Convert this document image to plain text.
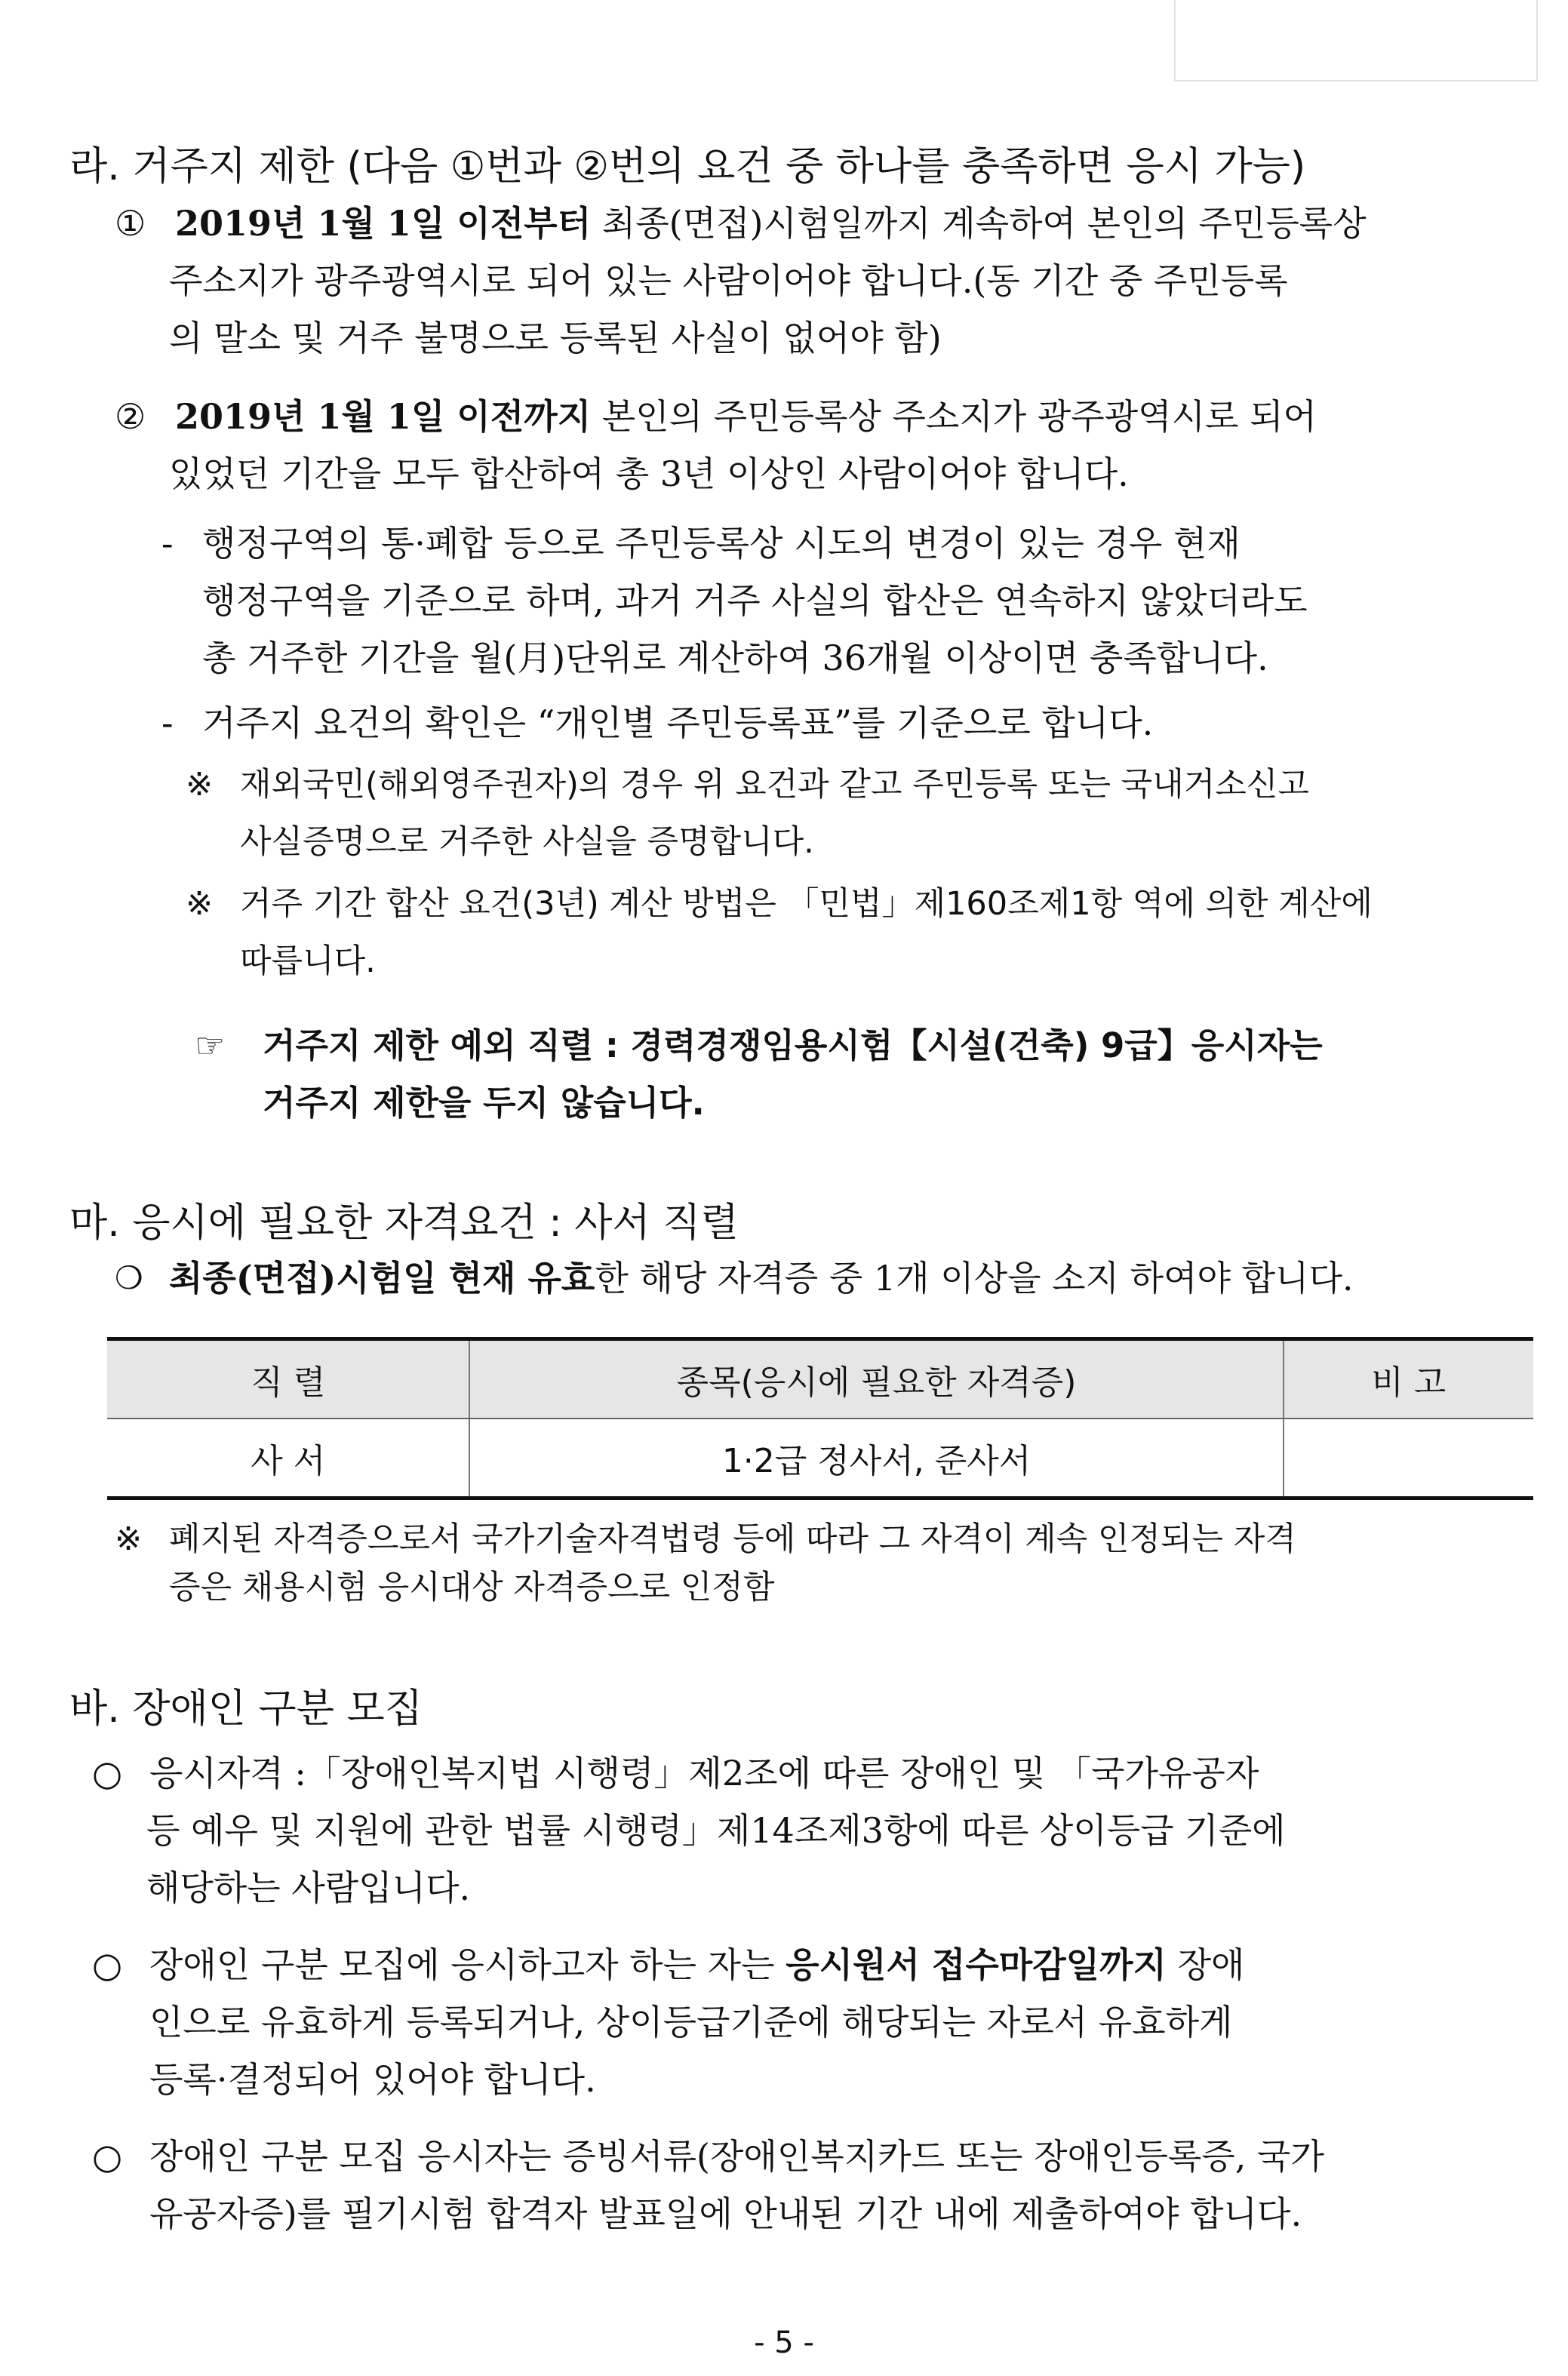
라. 거주지 제한 (다음 ①번과 ②번의 요건 중 하나를 충족하면 응시 가능)
① 2019년 1월 1일 이전부터 최종(면접)시험일까지 계속하여 본인의 주민등록상
주소지가 광주광역시로 되어 있는 사람이어야 합니다.(동 기간 중 주민등록
의 말소 및 거주 불명으로 등록된 사실이 없어야 함)
② 2019년 1월 1일 이전까지 본인의 주민등록상 주소지가 광주광역시로 되어
있었던 기간을 모두 합산하여 총 3년 이상인 사람이어야 합니다.
- 행정구역의 통·폐합 등으로 주민등록상 시도의 변경이 있는 경우 현재
행정구역을 기준으로 하며, 과거 거주 사실의 합산은 연속하지 않았더라도
총 거주한 기간을 월(月)단위로 계산하여 36개월 이상이면 충족합니다.
- 거주지 요건의 확인은 “개인별 주민등록표”를 기준으로 합니다.
※ 재외국민(해외영주권자)의 경우 위 요건과 같고 주민등록 또는 국내거소신고
사실증명으로 거주한 사실을 증명합니다.
※ 거주 기간 합산 요건(3년) 계산 방법은 「민법」제160조제1항 역에 의한 계산에
따릅니다.
☞ 거주지 제한 예외 직렬 : 경력경쟁임용시험【시설(건축) 9급】응시자는
거주지 제한을 두지 않습니다.
마. 응시에 필요한 자격요건 : 사서 직렬
❍ 최종(면접)시험일 현재 유효한 해당 자격증 중 1개 이상을 소지 하여야 합니다.
직 렬	종목(응시에 필요한 자격증)	비 고
사 서	1·2급 정사서, 준사서	
※ 폐지된 자격증으로서 국가기술자격법령 등에 따라 그 자격이 계속 인정되는 자격
증은 채용시험 응시대상 자격증으로 인정함
바. 장애인 구분 모집
○ 응시자격 :「장애인복지법 시행령」제2조에 따른 장애인 및 「국가유공자
등 예우 및 지원에 관한 법률 시행령」제14조제3항에 따른 상이등급 기준에
해당하는 사람입니다.
○ 장애인 구분 모집에 응시하고자 하는 자는 응시원서 접수마감일까지 장애
인으로 유효하게 등록되거나, 상이등급기준에 해당되는 자로서 유효하게
등록·결정되어 있어야 합니다.
○ 장애인 구분 모집 응시자는 증빙서류(장애인복지카드 또는 장애인등록증, 국가
유공자증)를 필기시험 합격자 발표일에 안내된 기간 내에 제출하여야 합니다.
- 5 -
